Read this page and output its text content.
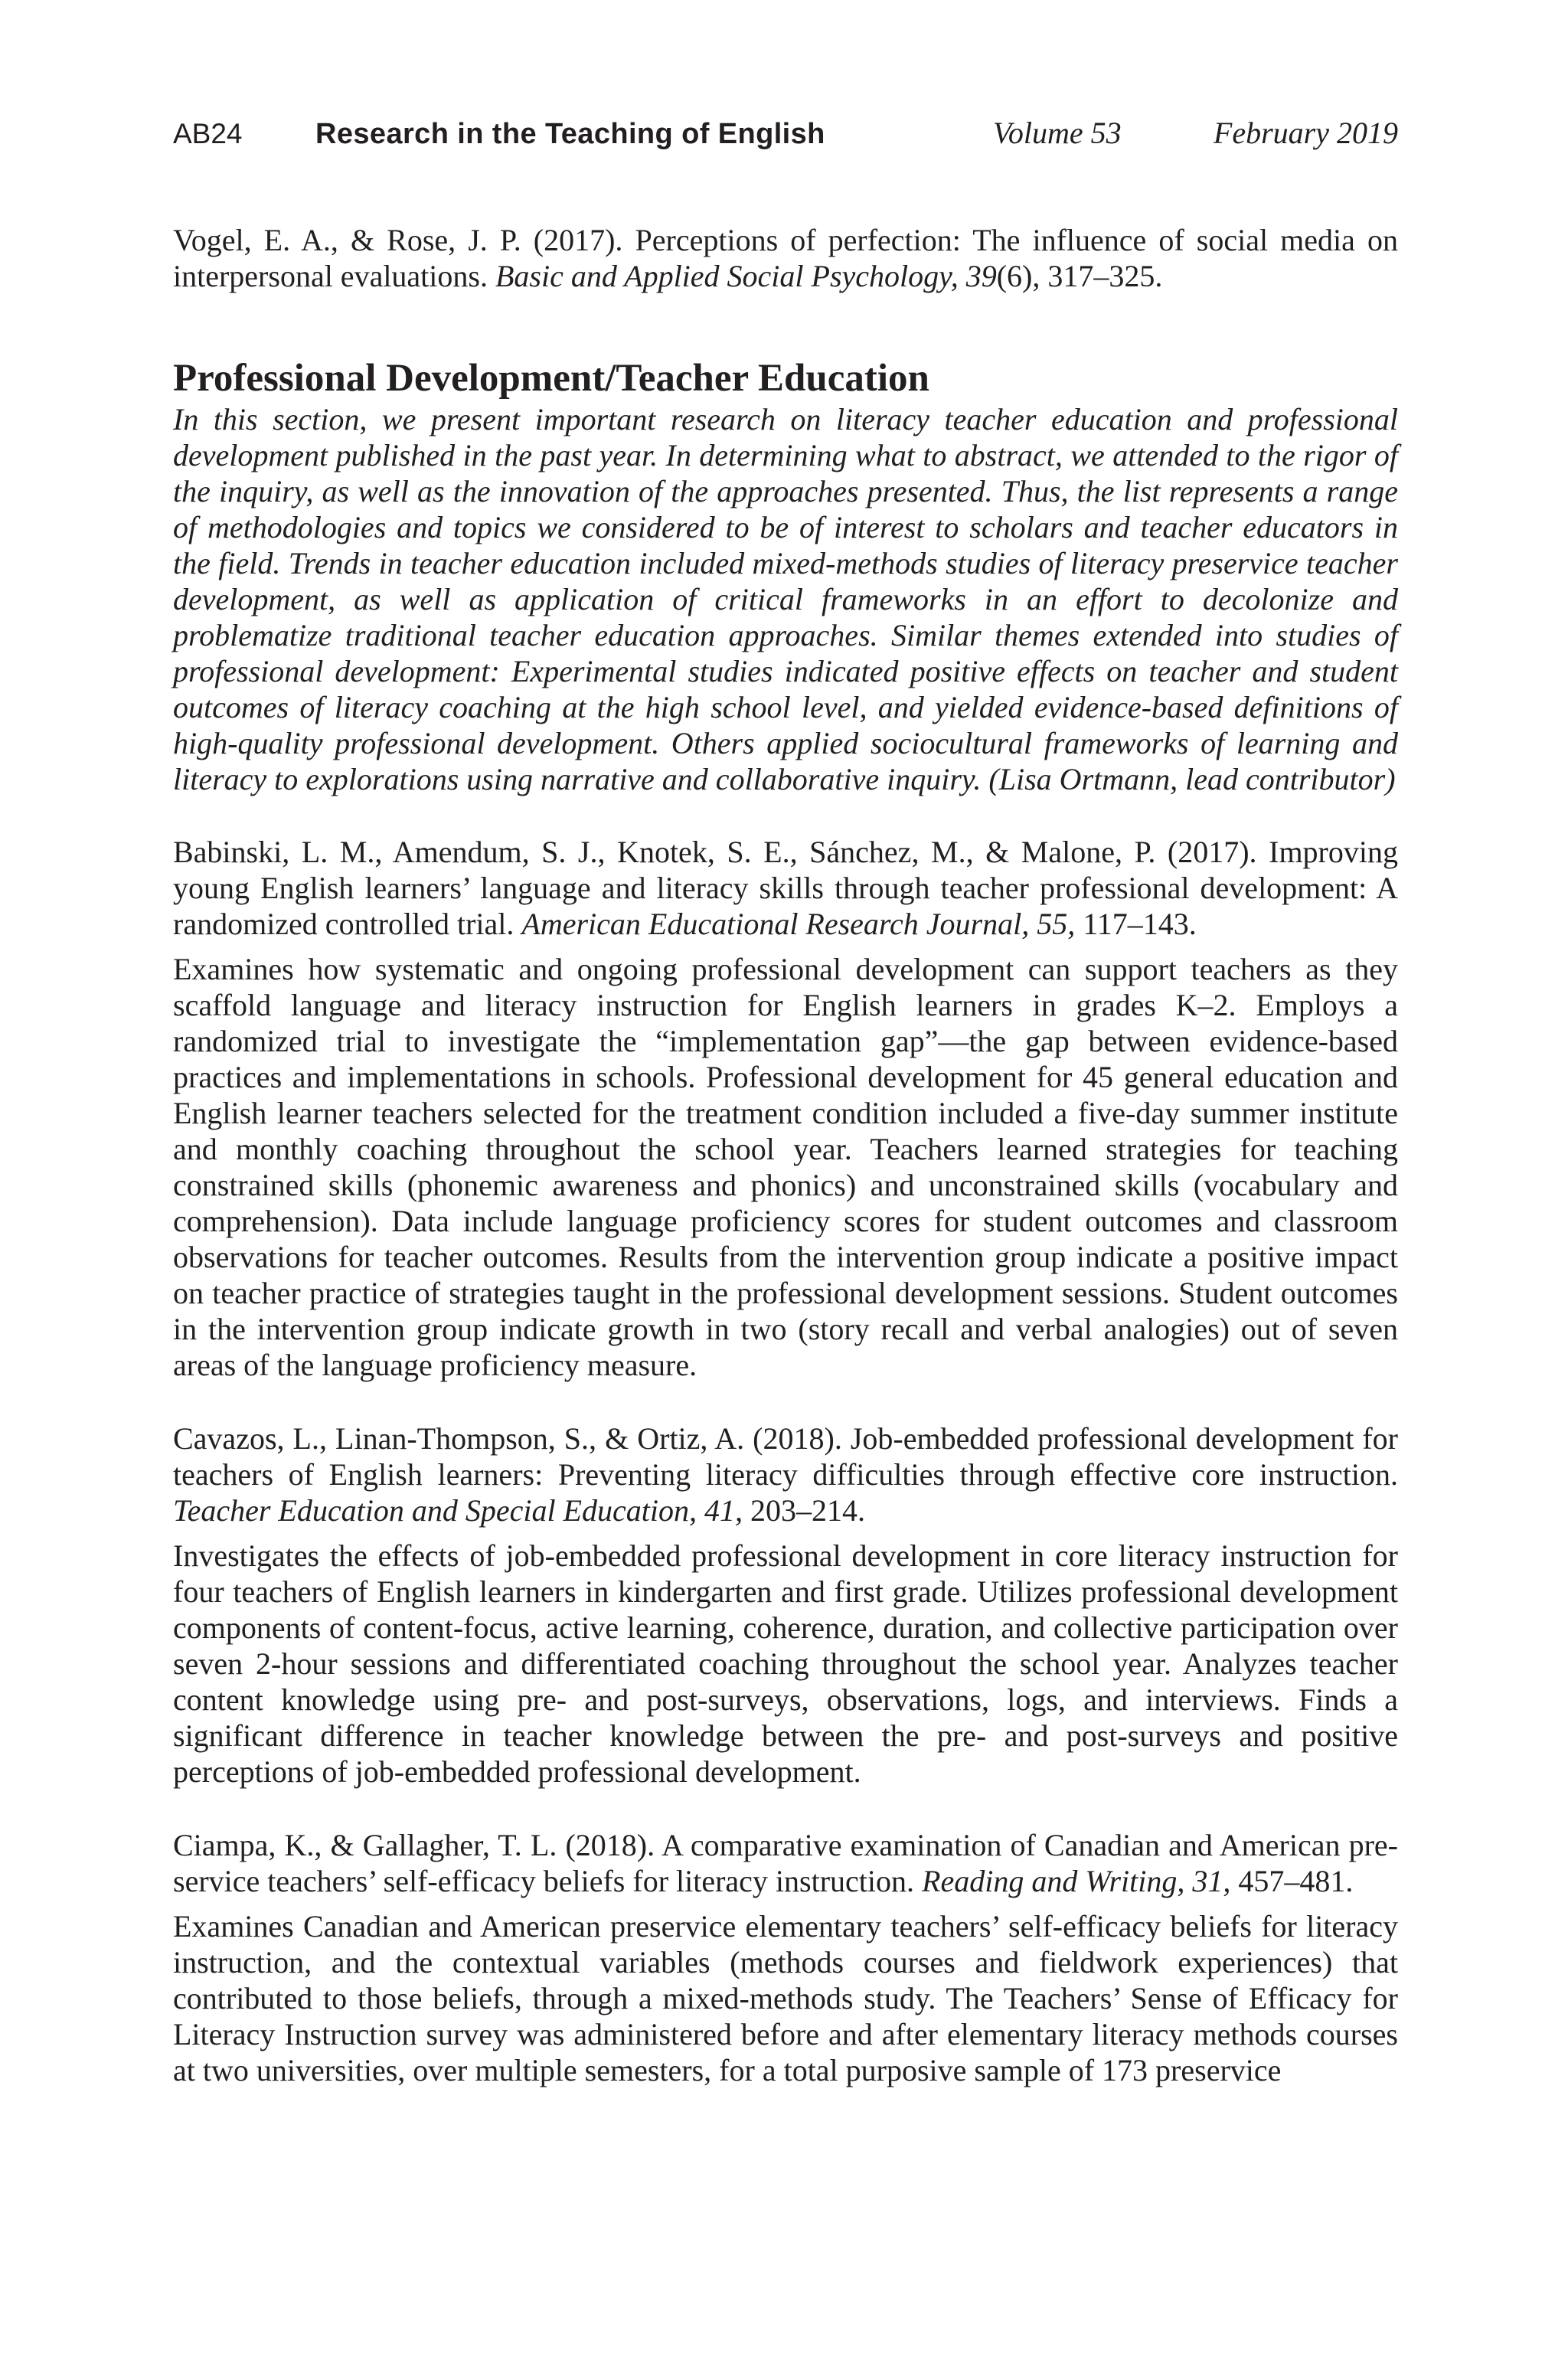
AB24	Research in the Teaching of English	Volume 53	February 2019

Vogel, E. A., & Rose, J. P. (2017). Perceptions of perfection: The influence of social media on interpersonal evaluations. Basic and Applied Social Psychology, 39(6), 317–325.

Professional Development/Teacher Education

In this section, we present important research on literacy teacher education and professional development published in the past year. In determining what to abstract, we attended to the rigor of the inquiry, as well as the innovation of the approaches presented. Thus, the list represents a range of methodologies and topics we considered to be of interest to scholars and teacher educators in the field. Trends in teacher education included mixed-methods studies of literacy preservice teacher development, as well as application of critical frameworks in an effort to decolonize and problematize traditional teacher education approaches. Similar themes extended into studies of professional development: Experimental studies indicated positive effects on teacher and student outcomes of literacy coaching at the high school level, and yielded evidence-based definitions of high-quality professional development. Others applied sociocultural frameworks of learning and literacy to explorations using narrative and collaborative inquiry. (Lisa Ortmann, lead contributor)

Babinski, L. M., Amendum, S. J., Knotek, S. E., Sánchez, M., & Malone, P. (2017). Improving young English learners’ language and literacy skills through teacher professional development: A randomized controlled trial. American Educational Research Journal, 55, 117–143.

Examines how systematic and ongoing professional development can support teachers as they scaffold language and literacy instruction for English learners in grades K–2. Employs a randomized trial to investigate the “implementation gap”—the gap between evidence-based practices and implementations in schools. Professional development for 45 general education and English learner teachers selected for the treatment condition included a five-day summer institute and monthly coaching throughout the school year. Teachers learned strategies for teaching constrained skills (phonemic awareness and phonics) and unconstrained skills (vocabulary and comprehension). Data include language proficiency scores for student outcomes and classroom observations for teacher outcomes. Results from the intervention group indicate a positive impact on teacher practice of strategies taught in the professional development sessions. Student outcomes in the intervention group indicate growth in two (story recall and verbal analogies) out of seven areas of the language proficiency measure.

Cavazos, L., Linan-Thompson, S., & Ortiz, A. (2018). Job-embedded professional development for teachers of English learners: Preventing literacy difficulties through effective core instruction. Teacher Education and Special Education, 41, 203–214.

Investigates the effects of job-embedded professional development in core literacy instruction for four teachers of English learners in kindergarten and first grade. Utilizes professional development components of content-focus, active learning, coherence, duration, and collective participation over seven 2-hour sessions and differentiated coaching throughout the school year. Analyzes teacher content knowledge using pre- and post-surveys, observations, logs, and interviews. Finds a significant difference in teacher knowledge between the pre- and post-surveys and positive perceptions of job-embedded professional development.

Ciampa, K., & Gallagher, T. L. (2018). A comparative examination of Canadian and American pre-service teachers’ self-efficacy beliefs for literacy instruction. Reading and Writing, 31, 457–481.

Examines Canadian and American preservice elementary teachers’ self-efficacy beliefs for literacy instruction, and the contextual variables (methods courses and fieldwork experiences) that contributed to those beliefs, through a mixed-methods study. The Teachers’ Sense of Efficacy for Literacy Instruction survey was administered before and after elementary literacy methods courses at two universities, over multiple semesters, for a total purposive sample of 173 preservice
